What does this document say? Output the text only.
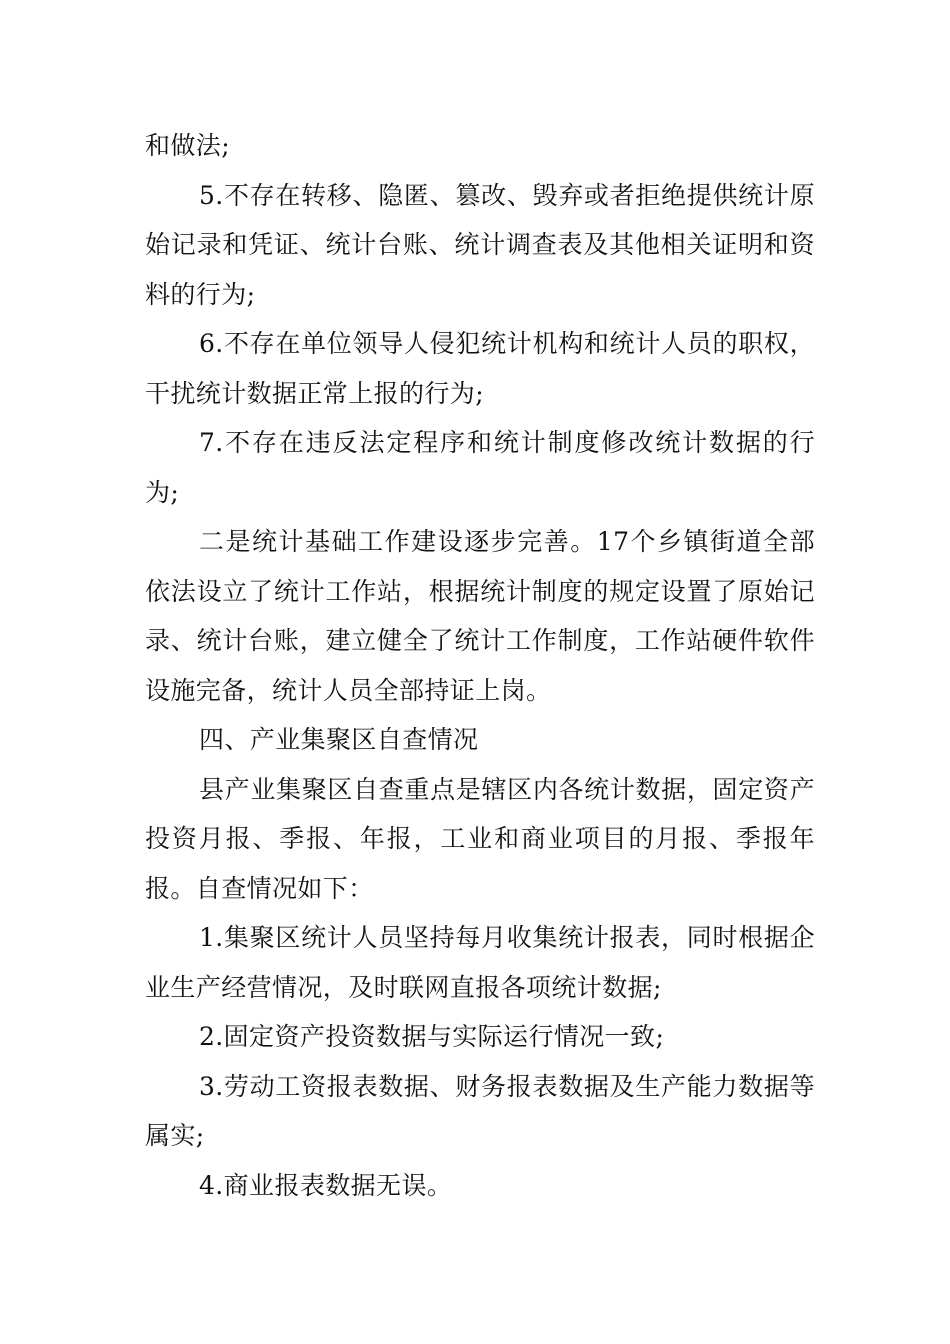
和做法;

5.不存在转移、隐匿、篡改、毁弃或者拒绝提供统计原始记录和凭证、统计台账、统计调查表及其他相关证明和资料的行为;

6.不存在单位领导人侵犯统计机构和统计人员的职权，干扰统计数据正常上报的行为;

7.不存在违反法定程序和统计制度修改统计数据的行为;

二是统计基础工作建设逐步完善。17个乡镇街道全部依法设立了统计工作站，根据统计制度的规定设置了原始记录、统计台账，建立健全了统计工作制度，工作站硬件软件设施完备，统计人员全部持证上岗。

四、产业集聚区自查情况

县产业集聚区自查重点是辖区内各统计数据，固定资产投资月报、季报、年报，工业和商业项目的月报、季报年报。自查情况如下：

1.集聚区统计人员坚持每月收集统计报表，同时根据企业生产经营情况，及时联网直报各项统计数据;

2.固定资产投资数据与实际运行情况一致;

3.劳动工资报表数据、财务报表数据及生产能力数据等属实;

4.商业报表数据无误。
